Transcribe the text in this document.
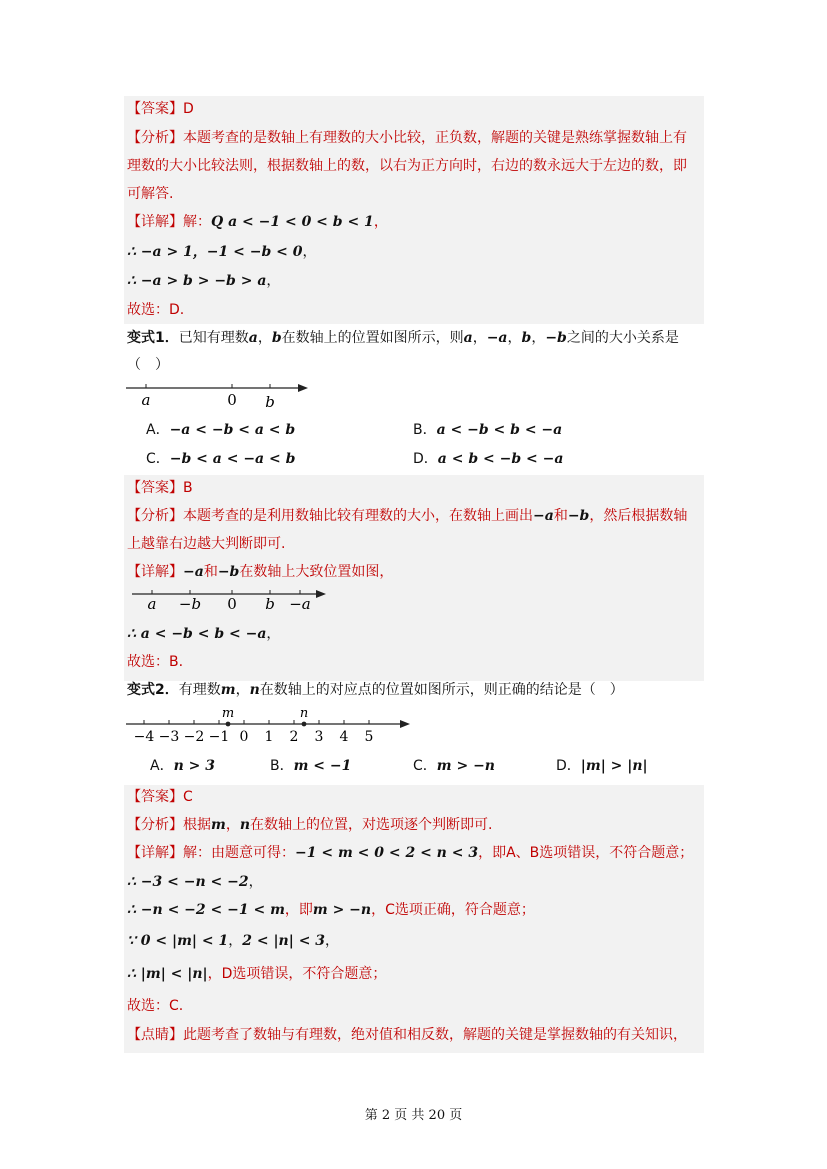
【答案】D
【分析】本题考查的是数轴上有理数的大小比较，正负数，解题的关键是熟练掌握数轴上有
理数的大小比较法则，根据数轴上的数，以右为正方向时，右边的数永远大于左边的数，即
可解答.
【详解】解：Q a < −1 < 0 < b < 1，
∴ −a > 1，−1 < −b < 0，
∴ −a > b > −b > a，
故选：D.
变式1．已知有理数a，b在数轴上的位置如图所示，则a，−a，b，−b之间的大小关系是
（　）
a	0 b
A．−a < −b < a < b	B．a < −b < b < −a
C．−b < a < −a < b	D．a < b < −b < −a
【答案】B
【分析】本题考查的是利用数轴比较有理数的大小，在数轴上画出−a和−b，然后根据数轴
上越靠右边越大判断即可.
【详解】−a和−b在数轴上大致位置如图，
a −b 0 b −a
∴ a < −b < b < −a，
故选：B.
变式2．有理数m，n在数轴上的对应点的位置如图所示，则正确的结论是（　）
m	n
−4 −3 −2 −1 0 1 2 3 4 5
A．n > 3	B．m < −1	C．m > −n	D．|m| > |n|
【答案】C
【分析】根据m，n在数轴上的位置，对选项逐个判断即可.
【详解】解：由题意可得：−1 < m < 0 < 2 < n < 3，即A、B选项错误，不符合题意；
∴ −3 < −n < −2，
∴ −n < −2 < −1 < m，即m > −n，C选项正确，符合题意；
∵ 0 < |m| < 1，2 < |n| < 3，
∴ |m| < |n|，D选项错误，不符合题意；
故选：C.
【点睛】此题考查了数轴与有理数，绝对值和相反数，解题的关键是掌握数轴的有关知识，
第 2 页 共 20 页
